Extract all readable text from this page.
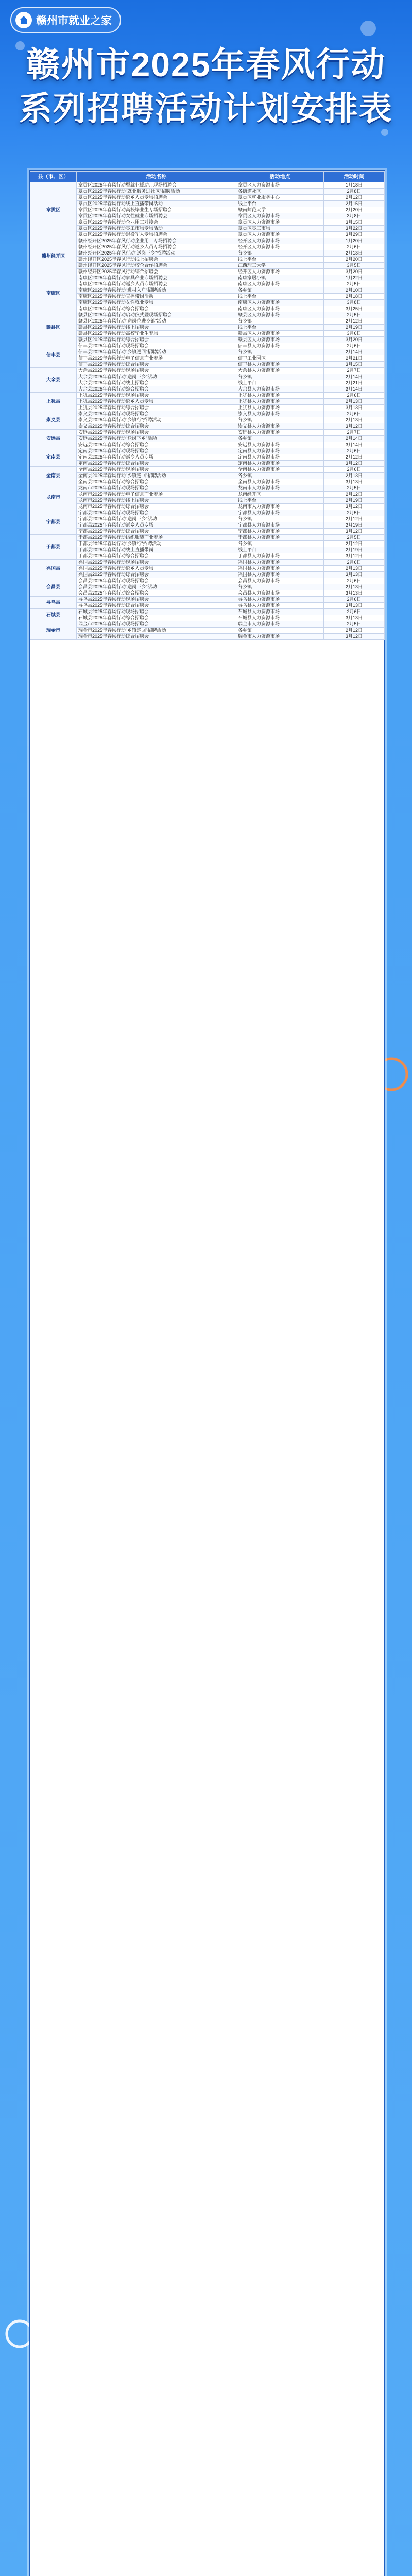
赣州市就业之家
赣州市2025年春风行动
系列招聘活动计划安排表
县（市、区）	活动名称	活动地点	活动时间
章贡区	章贡区2025年春风行动暨就业援助月现场招聘会	章贡区人力资源市场	1月18日
	章贡区2025年春风行动"就业服务进社区"招聘活动	各街道社区	2月8日
	章贡区2025年春风行动返乡人员专场招聘会	章贡区就业服务中心	2月12日
	章贡区2025年春风行动线上直播带岗活动	线上平台	2月15日
	章贡区2025年春风行动高校毕业生专场招聘会	赣南师范大学	2月20日
	章贡区2025年春风行动女性就业专场招聘会	章贡区人力资源市场	3月8日
	章贡区2025年春风行动企业用工对接会	章贡区人力资源市场	3月15日
	章贡区2025年春风行动零工市场专场活动	章贡区零工市场	3月22日
	章贡区2025年春风行动退役军人专场招聘会	章贡区人力资源市场	3月29日
赣州经开区	赣州经开区2025年春风行动企业用工专场招聘会	经开区人力资源市场	1月20日
	赣州经开区2025年春风行动返乡人员专场招聘会	经开区人力资源市场	2月6日
	赣州经开区2025年春风行动"送岗下乡"招聘活动	各乡镇	2月13日
	赣州经开区2025年春风行动线上招聘会	线上平台	2月20日
	赣州经开区2025年春风行动校企合作招聘会	江西理工大学	3月5日
	赣州经开区2025年春风行动综合招聘会	经开区人力资源市场	3月20日
南康区	南康区2025年春风行动家具产业专场招聘会	南康家居小镇	1月22日
	南康区2025年春风行动返乡人员专场招聘会	南康区人力资源市场	2月5日
	南康区2025年春风行动"进村入户"招聘活动	各乡镇	2月10日
	南康区2025年春风行动直播带岗活动	线上平台	2月18日
	南康区2025年春风行动女性就业专场	南康区人力资源市场	3月8日
	南康区2025年春风行动综合招聘会	南康区人力资源市场	3月25日
赣县区	赣县区2025年春风行动启动仪式暨现场招聘会	赣县区人力资源市场	2月5日
	赣县区2025年春风行动"送岗位进乡镇"活动	各乡镇	2月12日
	赣县区2025年春风行动线上招聘会	线上平台	2月19日
	赣县区2025年春风行动高校毕业生专场	赣县区人力资源市场	3月6日
	赣县区2025年春风行动综合招聘会	赣县区人力资源市场	3月20日
信丰县	信丰县2025年春风行动现场招聘会	信丰县人力资源市场	2月6日
	信丰县2025年春风行动"乡镇巡回"招聘活动	各乡镇	2月14日
	信丰县2025年春风行动电子信息产业专场	信丰工业园区	2月21日
	信丰县2025年春风行动综合招聘会	信丰县人力资源市场	3月15日
大余县	大余县2025年春风行动现场招聘会	大余县人力资源市场	2月7日
	大余县2025年春风行动"送岗下乡"活动	各乡镇	2月14日
	大余县2025年春风行动线上招聘会	线上平台	2月21日
	大余县2025年春风行动综合招聘会	大余县人力资源市场	3月14日
上犹县	上犹县2025年春风行动现场招聘会	上犹县人力资源市场	2月6日
	上犹县2025年春风行动返乡人员专场	上犹县人力资源市场	2月13日
	上犹县2025年春风行动综合招聘会	上犹县人力资源市场	3月13日
崇义县	崇义县2025年春风行动现场招聘会	崇义县人力资源市场	2月6日
	崇义县2025年春风行动"乡镇行"招聘活动	各乡镇	2月13日
	崇义县2025年春风行动综合招聘会	崇义县人力资源市场	3月12日
安远县	安远县2025年春风行动现场招聘会	安远县人力资源市场	2月7日
	安远县2025年春风行动"送岗下乡"活动	各乡镇	2月14日
	安远县2025年春风行动综合招聘会	安远县人力资源市场	3月14日
定南县	定南县2025年春风行动现场招聘会	定南县人力资源市场	2月6日
	定南县2025年春风行动返乡人员专场	定南县人力资源市场	2月12日
	定南县2025年春风行动综合招聘会	定南县人力资源市场	3月12日
全南县	全南县2025年春风行动现场招聘会	全南县人力资源市场	2月6日
	全南县2025年春风行动"乡镇巡回"招聘活动	各乡镇	2月13日
	全南县2025年春风行动综合招聘会	全南县人力资源市场	3月13日
龙南市	龙南市2025年春风行动现场招聘会	龙南市人力资源市场	2月5日
	龙南市2025年春风行动电子信息产业专场	龙南经开区	2月12日
	龙南市2025年春风行动线上招聘会	线上平台	2月19日
	龙南市2025年春风行动综合招聘会	龙南市人力资源市场	3月12日
宁都县	宁都县2025年春风行动现场招聘会	宁都县人力资源市场	2月5日
	宁都县2025年春风行动"送岗下乡"活动	各乡镇	2月12日
	宁都县2025年春风行动返乡人员专场	宁都县人力资源市场	2月19日
	宁都县2025年春风行动综合招聘会	宁都县人力资源市场	3月12日
于都县	于都县2025年春风行动纺织服装产业专场	于都县人力资源市场	2月5日
	于都县2025年春风行动"乡镇行"招聘活动	各乡镇	2月12日
	于都县2025年春风行动线上直播带岗	线上平台	2月19日
	于都县2025年春风行动综合招聘会	于都县人力资源市场	3月12日
兴国县	兴国县2025年春风行动现场招聘会	兴国县人力资源市场	2月6日
	兴国县2025年春风行动返乡人员专场	兴国县人力资源市场	2月13日
	兴国县2025年春风行动综合招聘会	兴国县人力资源市场	3月13日
会昌县	会昌县2025年春风行动现场招聘会	会昌县人力资源市场	2月6日
	会昌县2025年春风行动"送岗下乡"活动	各乡镇	2月13日
	会昌县2025年春风行动综合招聘会	会昌县人力资源市场	3月13日
寻乌县	寻乌县2025年春风行动现场招聘会	寻乌县人力资源市场	2月6日
	寻乌县2025年春风行动综合招聘会	寻乌县人力资源市场	3月13日
石城县	石城县2025年春风行动现场招聘会	石城县人力资源市场	2月6日
	石城县2025年春风行动综合招聘会	石城县人力资源市场	3月13日
瑞金市	瑞金市2025年春风行动现场招聘会	瑞金市人力资源市场	2月5日
	瑞金市2025年春风行动"乡镇巡回"招聘活动	各乡镇	2月12日
	瑞金市2025年春风行动综合招聘会	瑞金市人力资源市场	3月12日
